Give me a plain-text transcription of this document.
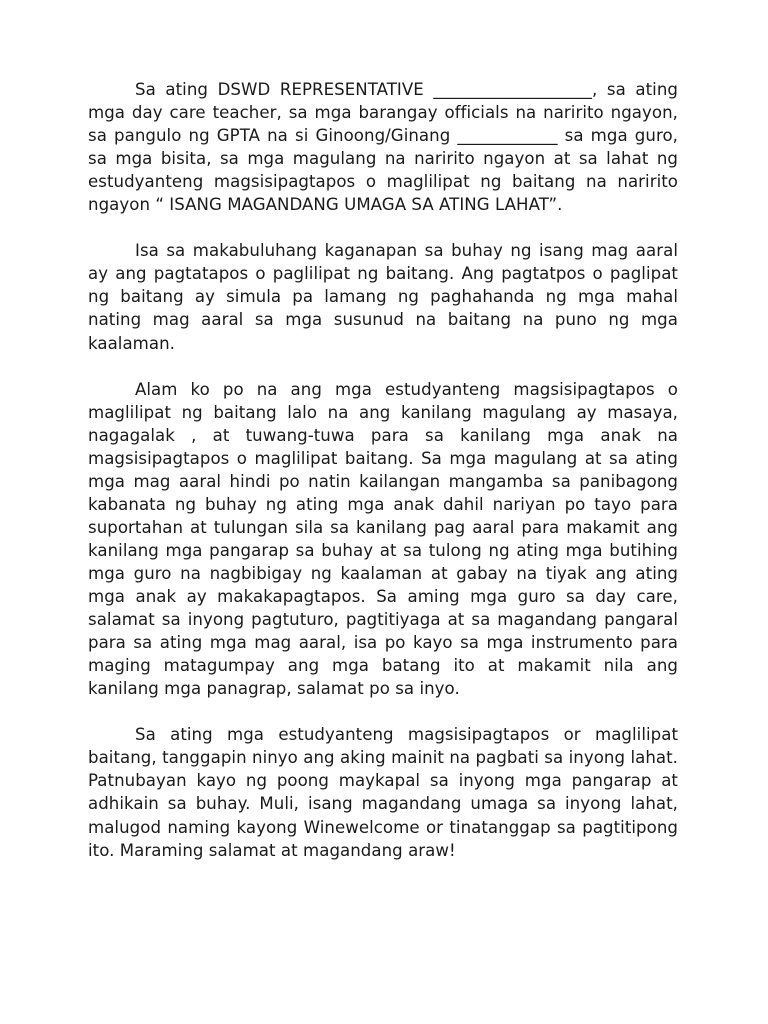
Sa ating DSWD REPRESENTATIVE ___________________, sa ating mga day care teacher, sa mga barangay officials na naririto ngayon, sa pangulo ng GPTA na si Ginoong/Ginang ____________ sa mga guro, sa mga bisita, sa mga magulang na naririto ngayon at sa lahat ng estudyanteng magsisipagtapos o maglilipat ng baitang na naririto ngayon “ ISANG MAGANDANG UMAGA SA ATING LAHAT”.

Isa sa makabuluhang kaganapan sa buhay ng isang mag aaral ay ang pagtatapos o paglilipat ng baitang. Ang pagtatpos o paglipat ng baitang ay simula pa lamang ng paghahanda ng mga mahal nating mag aaral sa mga susunud na baitang na puno ng mga kaalaman.

Alam ko po na ang mga estudyanteng magsisipagtapos o maglilipat ng baitang lalo na ang kanilang magulang ay masaya, nagagalak , at tuwang-tuwa para sa kanilang mga anak na magsisipagtapos o maglilipat baitang. Sa mga magulang at sa ating mga mag aaral hindi po natin kailangan mangamba sa panibagong kabanata ng buhay ng ating mga anak dahil nariyan po tayo para suportahan at tulungan sila sa kanilang pag aaral para makamit ang kanilang mga pangarap sa buhay at sa tulong ng ating mga butihing mga guro na nagbibigay ng kaalaman at gabay na tiyak ang ating mga anak ay makakapagtapos. Sa aming mga guro sa day care, salamat sa inyong pagtuturo, pagtitiyaga at sa magandang pangaral para sa ating mga mag aaral, isa po kayo sa mga instrumento para maging matagumpay ang mga batang ito at makamit nila ang kanilang mga panagrap, salamat po sa inyo.

Sa ating mga estudyanteng magsisipagtapos or maglilipat baitang, tanggapin ninyo ang aking mainit na pagbati sa inyong lahat. Patnubayan kayo ng poong maykapal sa inyong mga pangarap at adhikain sa buhay. Muli, isang magandang umaga sa inyong lahat, malugod naming kayong Winewelcome or tinatanggap sa pagtitipong ito. Maraming salamat at magandang araw!
